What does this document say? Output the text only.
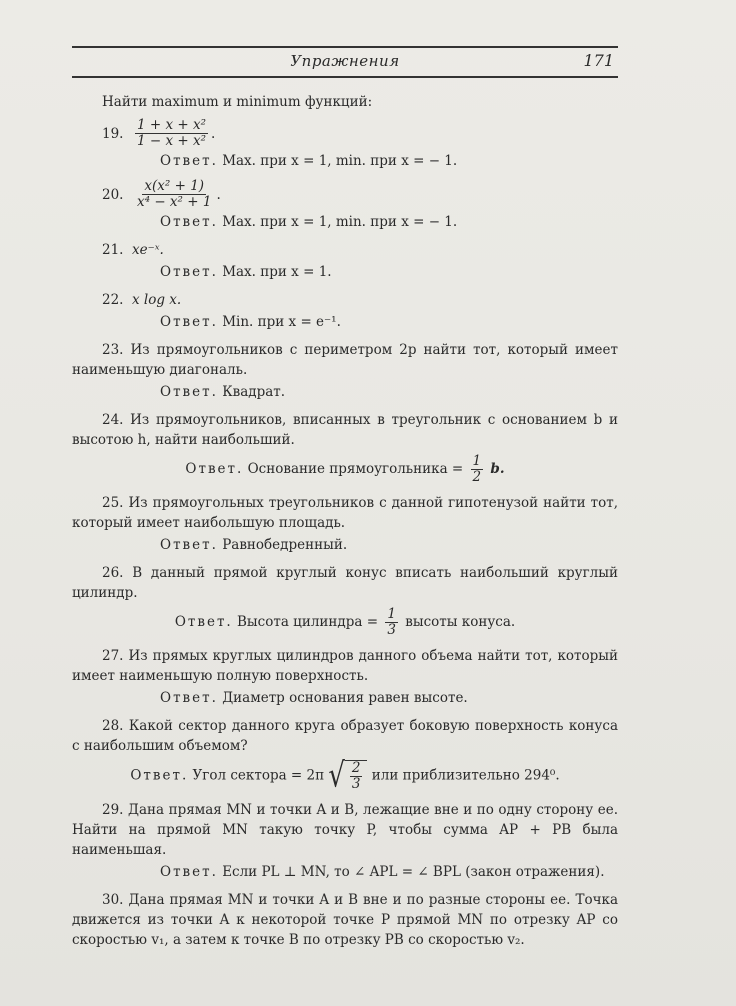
Упражнения	171

Найти maximum и minimum функций:

19. $\frac{\text{1 + x + x²}}{\text{1 − x + x²}}$ .
Ответ. Max. при x = 1, min. при x = − 1.
20. $\frac{\text{x(x² + 1)}}{\text{x⁴ − x² + 1}}$ .
Ответ. Max. при x = 1, min. при x = − 1.
21. xe⁻ˣ.
Ответ. Max. при x = 1.
22. x log x.
Ответ. Min. при x = e⁻¹.

23. Из прямоугольников с периметром 2p найти тот, который имеет наименьшую диагональ.

Ответ. Квадрат.

24. Из прямоугольников, вписанных в треугольник с основанием b и высотою h, найти наибольший.

Ответ. Основание прямоугольника = $\frac{1}{2} b$.

25. Из прямоугольных треугольников с данной гипотенузой найти тот, который имеет наибольшую площадь.

Ответ. Равнобедренный.

26. В данный прямой круглый конус вписать наибольший круглый цилиндр.

Ответ. Высота цилиндра = $\frac{1}{3}$ высоты конуса.

27. Из прямых круглых цилиндров данного объема найти тот, который имеет наименьшую полную поверхность.

Ответ. Диаметр основания равен высоте.

28. Какой сектор данного круга образует боковую поверхность конуса с наибольшим объемом?

Ответ. Угол сектора = 2π √ $\frac{2}{3}$ или приблизительно 294⁰.

29. Дана прямая MN и точки A и B, лежащие вне и по одну сторону ее. Найти на прямой MN такую точку P, чтобы сумма AP + PB была наименьшая.

Ответ. Если PL ⊥ MN, то ∠ APL = ∠ BPL (закон отражения).

30. Дана прямая MN и точки A и B вне и по разные стороны ее. Точка движется из точки A к некоторой точке P прямой MN по отрезку AP со скоростью v₁, а затем к точке B по отрезку PB со скоростью v₂.
